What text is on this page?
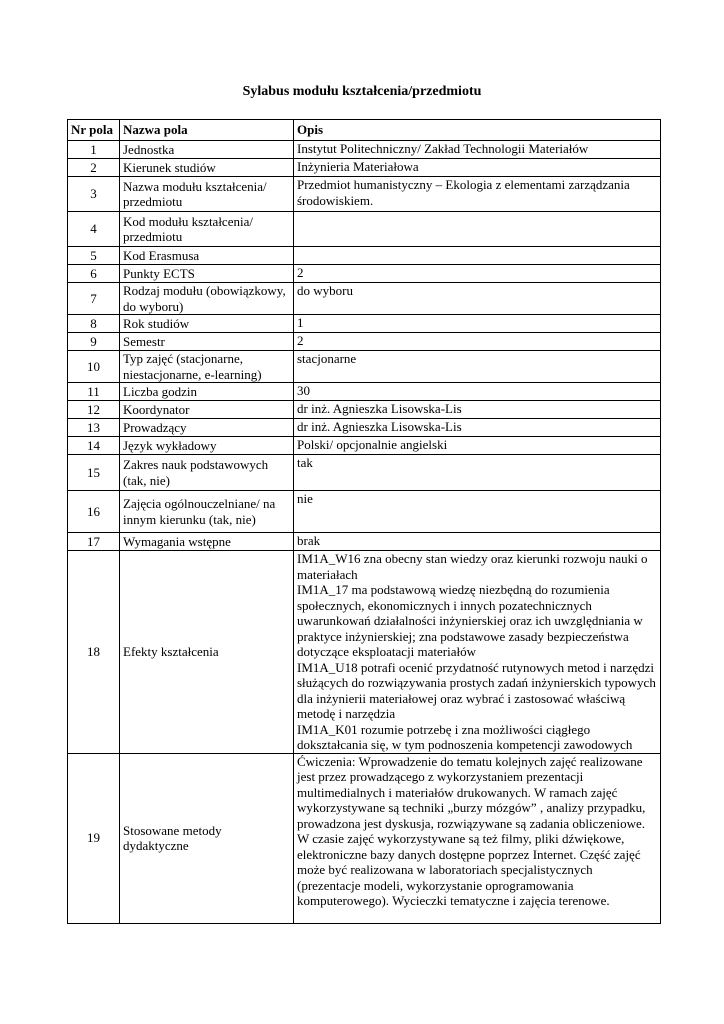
Sylabus modułu kształcenia/przedmiotu
Nr pola	Nazwa pola	Opis
1	Jednostka	Instytut Politechniczny/ Zakład Technologii Materiałów
2	Kierunek studiów	Inżynieria Materiałowa
3	Nazwa modułu kształcenia/ przedmiotu	Przedmiot humanistyczny – Ekologia z elementami zarządzania środowiskiem.
4	Kod modułu kształcenia/ przedmiotu	
5	Kod Erasmusa	
6	Punkty ECTS	2
7	Rodzaj modułu (obowiązkowy, do wyboru)	do wyboru
8	Rok studiów	1
9	Semestr	2
10	Typ zajęć (stacjonarne, niestacjonarne, e-learning)	stacjonarne
11	Liczba godzin	30
12	Koordynator	dr inż. Agnieszka Lisowska-Lis
13	Prowadzący	dr inż. Agnieszka Lisowska-Lis
14	Język wykładowy	Polski/ opcjonalnie angielski
15	Zakres nauk podstawowych (tak, nie)	tak
16	Zajęcia ogólnouczelniane/ na innym kierunku (tak, nie)	nie
17	Wymagania wstępne	brak
18	Efekty kształcenia	IM1A_W16 zna obecny stan wiedzy oraz kierunki rozwoju nauki o materiałach
IM1A_17 ma podstawową wiedzę niezbędną do rozumienia społecznych, ekonomicznych i innych pozatechnicznych uwarunkowań działalności inżynierskiej oraz ich uwzględniania w praktyce inżynierskiej; zna podstawowe zasady bezpieczeństwa dotyczące eksploatacji materiałów
IM1A_U18 potrafi ocenić przydatność rutynowych metod i narzędzi służących do rozwiązywania prostych zadań inżynierskich typowych dla inżynierii materiałowej oraz wybrać i zastosować właściwą metodę i narzędzia
IM1A_K01 rozumie potrzebę i zna możliwości ciągłego dokształcania się, w tym podnoszenia kompetencji zawodowych
19	Stosowane metody dydaktyczne	Ćwiczenia: Wprowadzenie do tematu kolejnych zajęć realizowane jest przez prowadzącego z wykorzystaniem prezentacji multimedialnych i materiałów drukowanych. W ramach zajęć wykorzystywane są techniki „burzy mózgów” , analizy przypadku, prowadzona jest dyskusja, rozwiązywane są zadania obliczeniowe. W czasie zajęć wykorzystywane są też filmy, pliki dźwiękowe, elektroniczne bazy danych dostępne poprzez Internet. Część zajęć może być realizowana w laboratoriach specjalistycznych (prezentacje modeli, wykorzystanie oprogramowania komputerowego). Wycieczki tematyczne i zajęcia terenowe.
